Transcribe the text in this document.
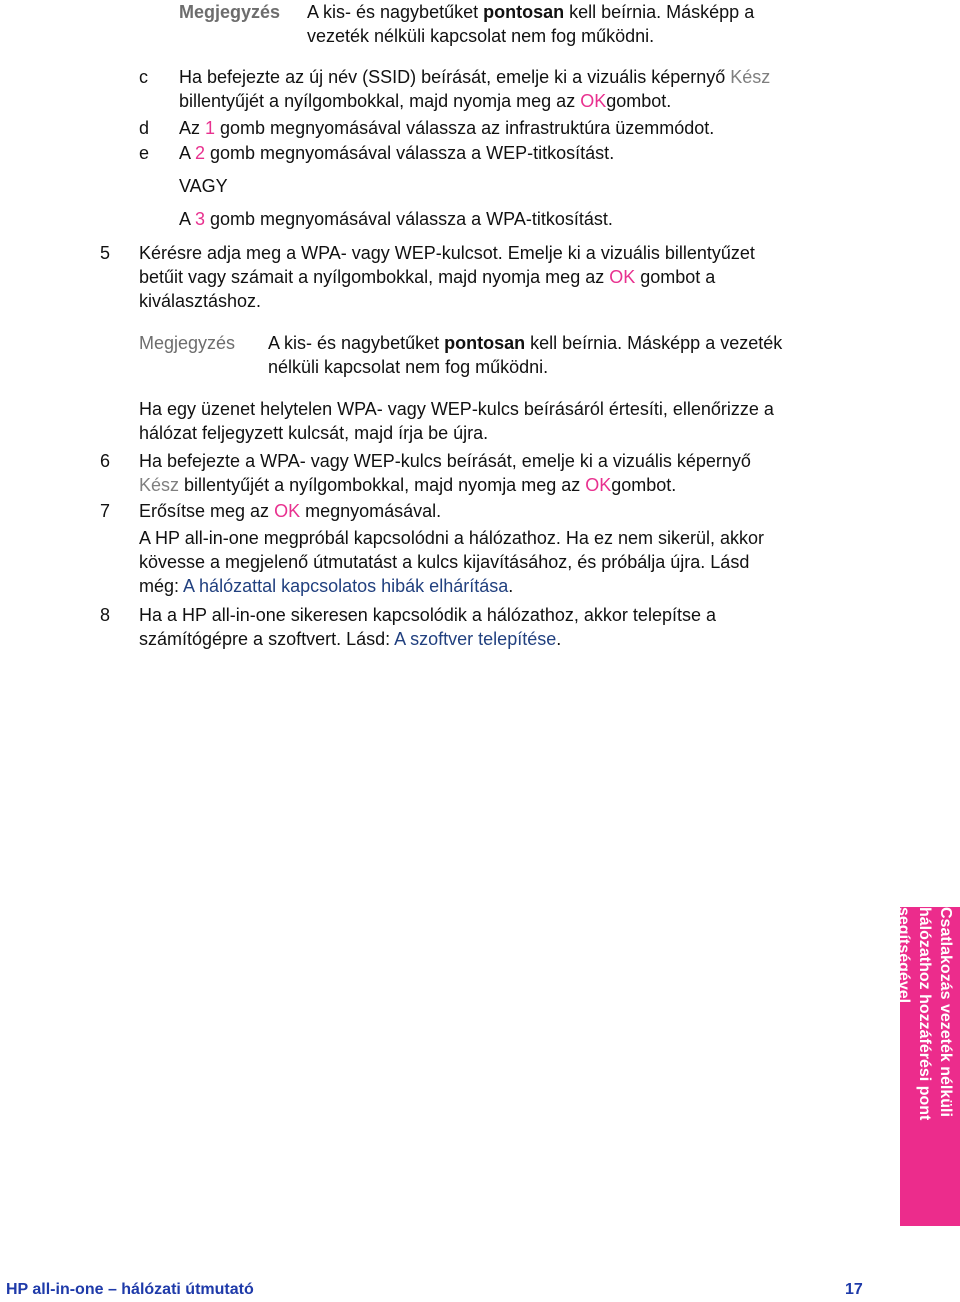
Megjegyzés A kis- és nagybetűket pontosan kell beírnia. Másképp a
vezeték nélküli kapcsolat nem fog működni.
c Ha befejezte az új név (SSID) beírását, emelje ki a vizuális képernyő Kész
billentyűjét a nyílgombokkal, majd nyomja meg az OKgombot.
d Az 1 gomb megnyomásával válassza az infrastruktúra üzemmódot.
e A 2 gomb megnyomásával válassza a WEP-titkosítást.
VAGY
A 3 gomb megnyomásával válassza a WPA-titkosítást.
5 Kérésre adja meg a WPA- vagy WEP-kulcsot. Emelje ki a vizuális billentyűzet
betűit vagy számait a nyílgombokkal, majd nyomja meg az OK gombot a
kiválasztáshoz.
Megjegyzés A kis- és nagybetűket pontosan kell beírnia. Másképp a vezeték
nélküli kapcsolat nem fog működni.
Ha egy üzenet helytelen WPA- vagy WEP-kulcs beírásáról értesíti, ellenőrizze a
hálózat feljegyzett kulcsát, majd írja be újra.
6 Ha befejezte a WPA- vagy WEP-kulcs beírását, emelje ki a vizuális képernyő
Kész billentyűjét a nyílgombokkal, majd nyomja meg az OKgombot.
7 Erősítse meg az OK megnyomásával.
A HP all-in-one megpróbál kapcsolódni a hálózathoz. Ha ez nem sikerül, akkor
kövesse a megjelenő útmutatást a kulcs kijavításához, és próbálja újra. Lásd
még: A hálózattal kapcsolatos hibák elhárítása.
8 Ha a HP all-in-one sikeresen kapcsolódik a hálózathoz, akkor telepítse a
számítógépre a szoftvert. Lásd: A szoftver telepítése.
Csatlakozás vezeték nélküli
hálózathoz hozzáférési pont
segítségével
HP all-in-one – hálózati útmutató	17
